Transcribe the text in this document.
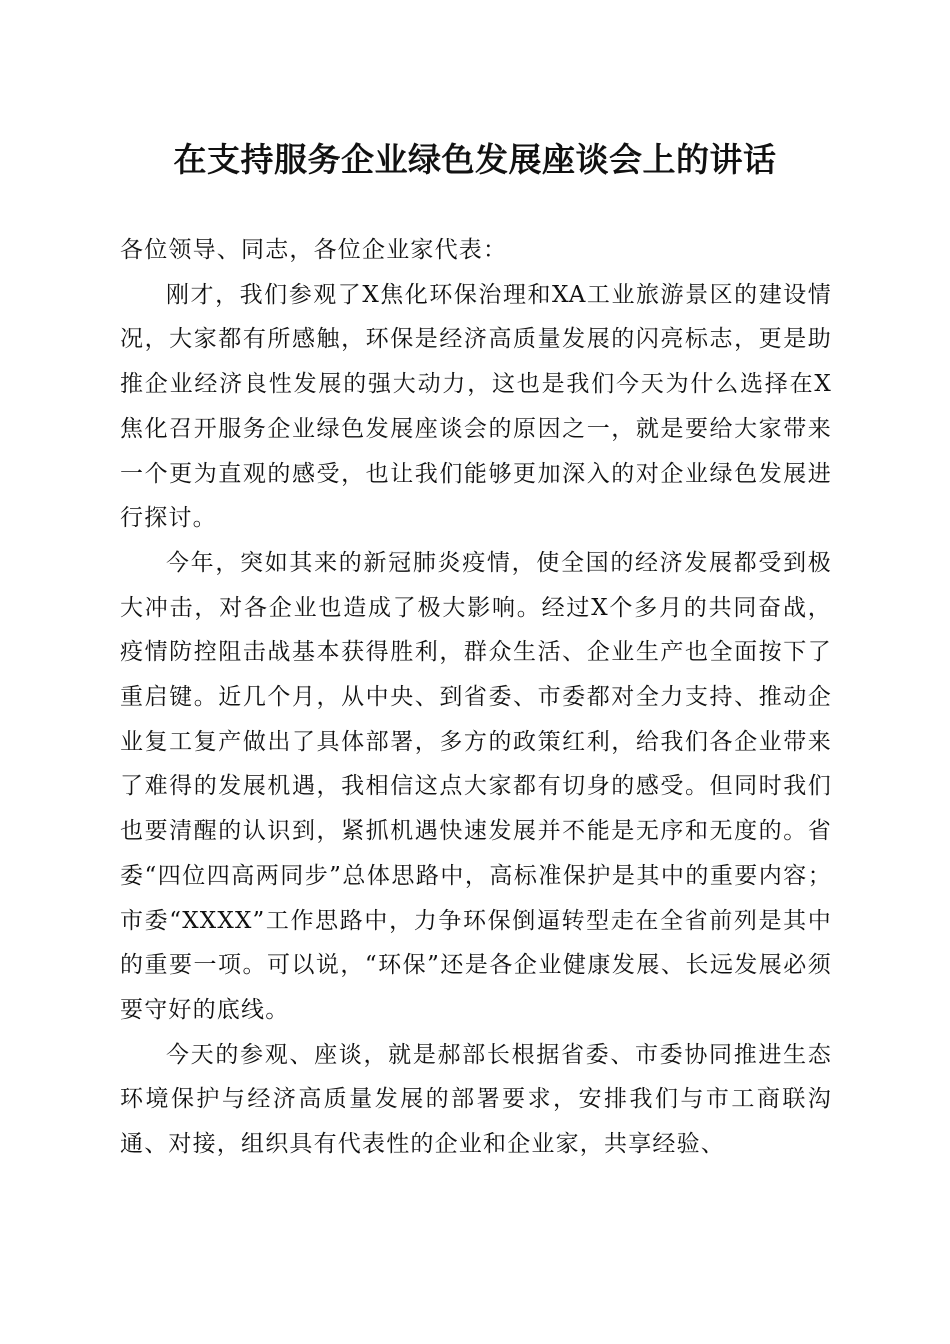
在支持服务企业绿色发展座谈会上的讲话

各位领导、同志，各位企业家代表：

刚才，我们参观了X焦化环保治理和XA工业旅游景区的建设情况，大家都有所感触，环保是经济高质量发展的闪亮标志，更是助推企业经济良性发展的强大动力，这也是我们今天为什么选择在X焦化召开服务企业绿色发展座谈会的原因之一，就是要给大家带来一个更为直观的感受，也让我们能够更加深入的对企业绿色发展进行探讨。

今年，突如其来的新冠肺炎疫情，使全国的经济发展都受到极大冲击，对各企业也造成了极大影响。经过X个多月的共同奋战，疫情防控阻击战基本获得胜利，群众生活、企业生产也全面按下了重启键。近几个月，从中央、到省委、市委都对全力支持、推动企业复工复产做出了具体部署，多方的政策红利，给我们各企业带来了难得的发展机遇，我相信这点大家都有切身的感受。但同时我们也要清醒的认识到，紧抓机遇快速发展并不能是无序和无度的。省委“四位四高两同步”总体思路中，高标准保护是其中的重要内容；市委“XXXX”工作思路中，力争环保倒逼转型走在全省前列是其中的重要一项。可以说，“环保”还是各企业健康发展、长远发展必须要守好的底线。

今天的参观、座谈，就是郝部长根据省委、市委协同推进生态环境保护与经济高质量发展的部署要求，安排我们与市工商联沟通、对接，组织具有代表性的企业和企业家，共享经验、
